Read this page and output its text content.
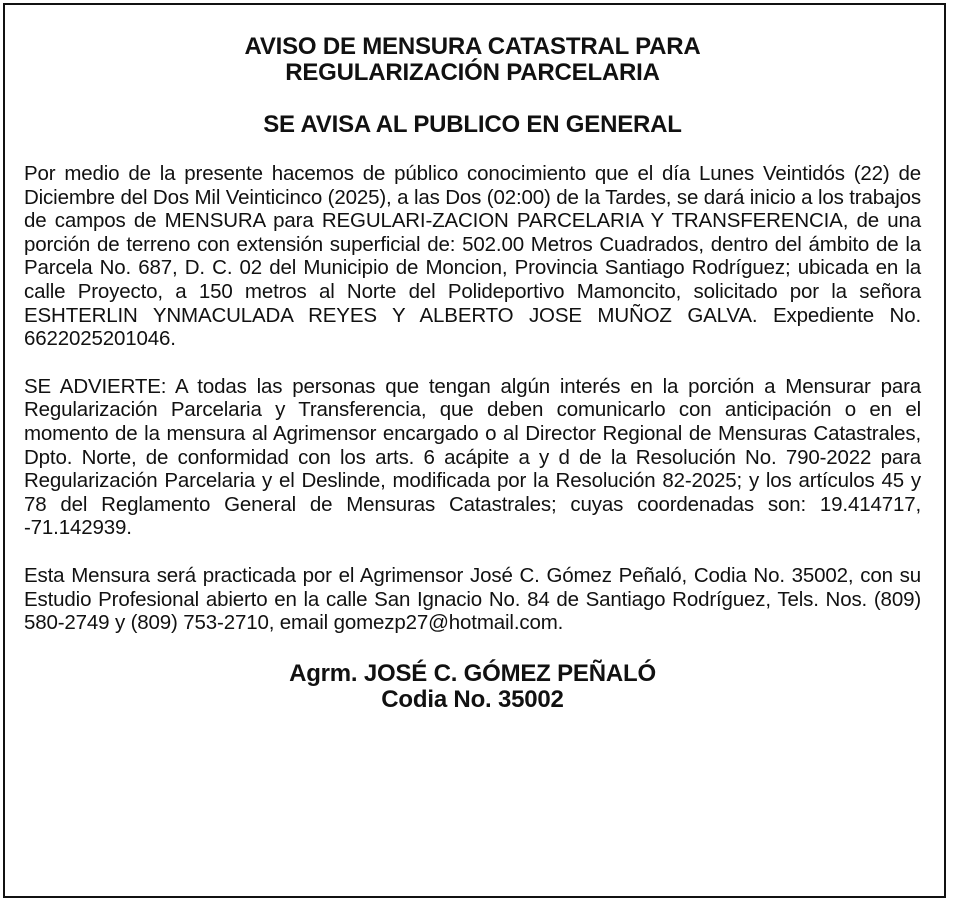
AVISO DE MENSURA CATASTRAL PARA
REGULARIZACIÓN PARCELARIA
SE AVISA AL PUBLICO EN GENERAL

Por medio de la presente hacemos de público conocimiento que el día Lunes Veintidós (22) de Diciembre del Dos Mil Veinticinco (2025), a las Dos (02:00) de la Tardes, se dará inicio a los trabajos de campos de MENSURA para REGULARI-ZACION PARCELARIA Y TRANSFERENCIA, de una porción de terreno con extensión superficial de: 502.00 Metros Cuadrados, dentro del ámbito de la Parcela No. 687, D. C. 02 del Municipio de Moncion, Provincia Santiago Rodríguez; ubicada en la calle Proyecto, a 150 metros al Norte del Polideportivo Mamoncito, solicitado por la señora ESHTERLIN YNMACULADA REYES Y ALBERTO JOSE MUÑOZ GALVA. Expediente No. 6622025201046.

SE ADVIERTE: A todas las personas que tengan algún interés en la porción a Mensurar para Regularización Parcelaria y Transferencia, que deben comunicarlo con anticipación o en el momento de la mensura al Agrimensor encargado o al Director Regional de Mensuras Catastrales, Dpto. Norte, de conformidad con los arts. 6 acápite a y d de la Resolución No. 790-2022 para Regularización Parcelaria y el Deslinde, modificada por la Resolución 82-2025; y los artículos 45 y 78 del Reglamento General de Mensuras Catastrales; cuyas coordenadas son: 19.414717, -71.142939.

Esta Mensura será practicada por el Agrimensor José C. Gómez Peñaló, Codia No. 35002, con su Estudio Profesional abierto en la calle San Ignacio No. 84 de Santiago Rodríguez, Tels. Nos. (809) 580-2749 y (809) 753-2710, email gomezp27@hotmail.com.

Agrm. JOSÉ C. GÓMEZ PEÑALÓ
Codia No. 35002
